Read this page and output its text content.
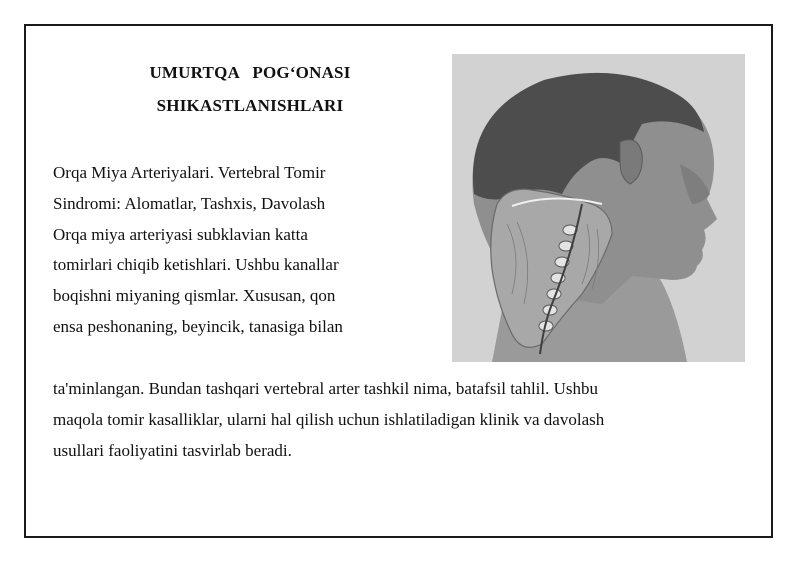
UMURTQA   POG‘ONASI
SHIKASTLANISHLARI
Orqa Miya Arteriyalari. Vertebral Tomir
Sindromi: Alomatlar, Tashxis, Davolash
Orqa miya arteriyasi subklavian katta
tomirlari chiqib ketishlari. Ushbu kanallar
boqishni miyaning qismlar. Xususan, qon
ensa peshonaning, beyincik, tanasiga bilan
ta'minlangan. Bundan tashqari vertebral arter tashkil nima, batafsil tahlil. Ushbu
maqola tomir kasalliklar, ularni hal qilish uchun ishlatiladigan klinik va davolash
usullari faoliyatini tasvirlab beradi.
